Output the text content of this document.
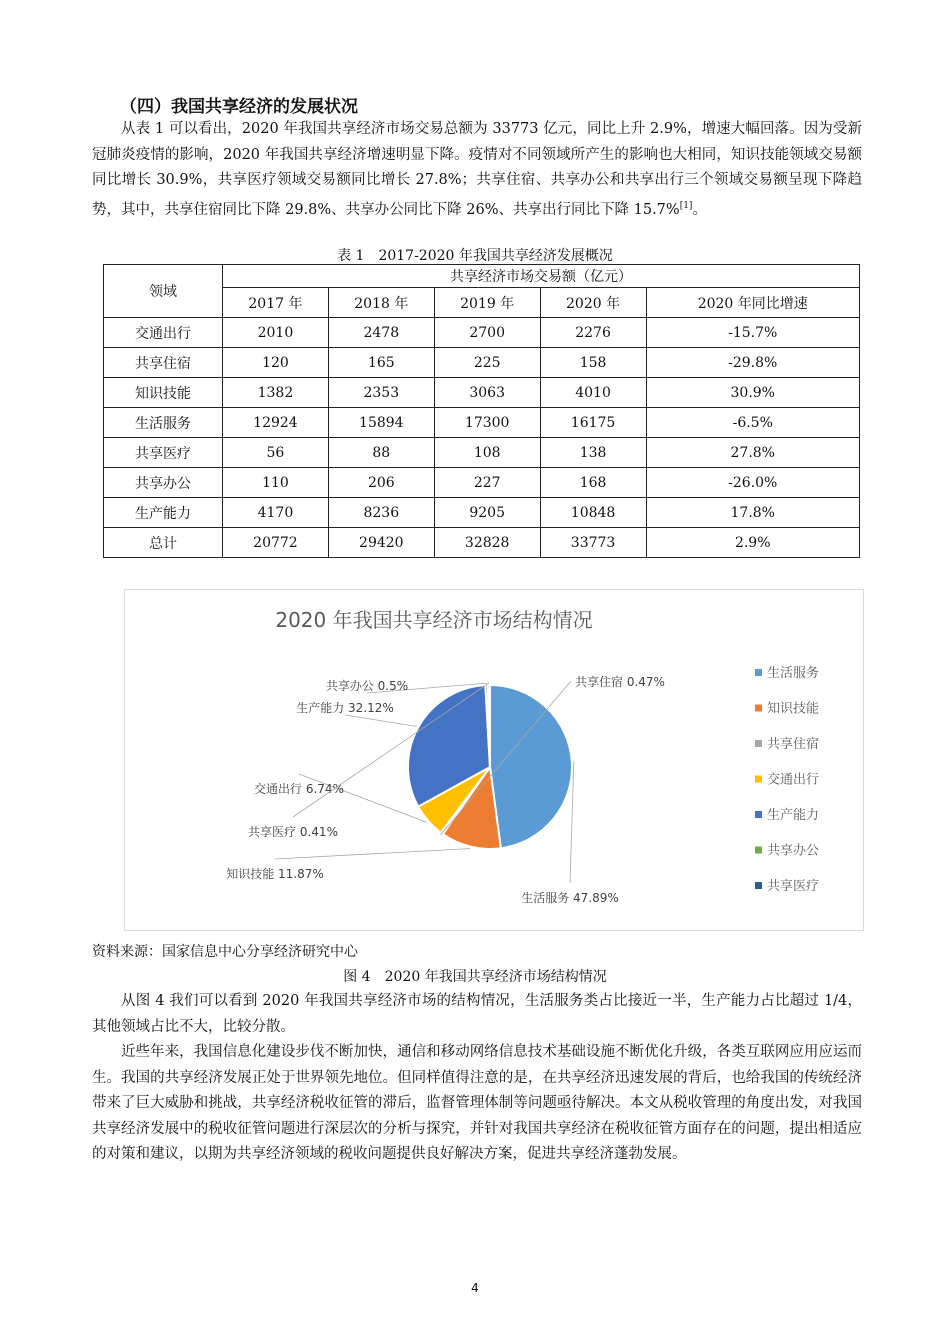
（四）我国共享经济的发展状况

从表 1 可以看出，2020 年我国共享经济市场交易总额为 33773 亿元，同比上升 2.9%，增速大幅回落。因为受新冠肺炎疫情的影响，2020 年我国共享经济增速明显下降。疫情对不同领域所产生的影响也大相同，知识技能领域交易额同比增长 30.9%，共享医疗领域交易额同比增长 27.8%；共享住宿、共享办公和共享出行三个领域交易额呈现下降趋势，其中，共享住宿同比下降 29.8%、共享办公同比下降 26%、共享出行同比下降 15.7%[1]。

表 1　2017-2020 年我国共享经济发展概况
领域	共享经济市场交易额（亿元）				
	2017 年	2018 年	2019 年	2020 年	2020 年同比增速
交通出行	2010	2478	2700	2276	-15.7%
共享住宿	120	165	225	158	-29.8%
知识技能	1382	2353	3063	4010	30.9%
生活服务	12924	15894	17300	16175	-6.5%
共享医疗	56	88	108	138	27.8%
共享办公	110	206	227	168	-26.0%
生产能力	4170	8236	9205	10848	17.8%
总计	20772	29420	32828	33773	2.9%
2020 年我国共享经济市场结构情况
生活服务 47.89%
知识技能 11.87%
共享住宿 0.47%
交通出行 6.74%
生产能力 32.12%
共享办公 0.5%
共享医疗 0.41%
生活服务
知识技能
共享住宿
交通出行
生产能力
共享办公
共享医疗
资料来源：国家信息中心分享经济研究中心
图 4　2020 年我国共享经济市场结构情况

从图 4 我们可以看到 2020 年我国共享经济市场的结构情况，生活服务类占比接近一半，生产能力占比超过 1/4，其他领域占比不大，比较分散。

近些年来，我国信息化建设步伐不断加快，通信和移动网络信息技术基础设施不断优化升级，各类互联网应用应运而生。我国的共享经济发展正处于世界领先地位。但同样值得注意的是，在共享经济迅速发展的背后，也给我国的传统经济带来了巨大威胁和挑战，共享经济税收征管的滞后，监督管理体制等问题亟待解决。本文从税收管理的角度出发，对我国共享经济发展中的税收征管问题进行深层次的分析与探究，并针对我国共享经济在税收征管方面存在的问题，提出相适应的对策和建议，以期为共享经济领域的税收问题提供良好解决方案，促进共享经济蓬勃发展。

4
